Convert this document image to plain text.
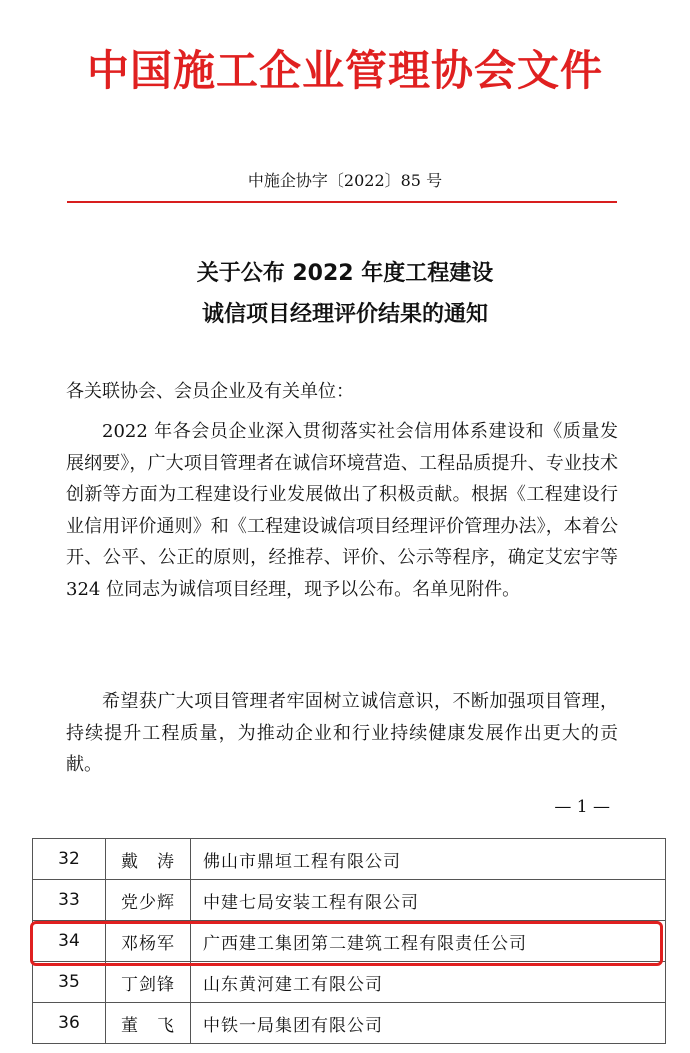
中国施工企业管理协会文件
中施企协字〔2022〕85 号
关于公布 2022 年度工程建设
诚信项目经理评价结果的通知
各关联协会、会员企业及有关单位：
2022 年各会员企业深入贯彻落实社会信用体系建设和《质量发展纲要》，广大项目管理者在诚信环境营造、工程品质提升、专业技术创新等方面为工程建设行业发展做出了积极贡献。根据《工程建设行业信用评价通则》和《工程建设诚信项目经理评价管理办法》，本着公开、公平、公正的原则，经推荐、评价、公示等程序，确定艾宏宇等 324 位同志为诚信项目经理，现予以公布。名单见附件。
希望获广大项目管理者牢固树立诚信意识，不断加强项目管理，持续提升工程质量，为推动企业和行业持续健康发展作出更大的贡献。
— 1 —
32	戴　涛	佛山市鼎垣工程有限公司
33	党少辉	中建七局安装工程有限公司
34	邓杨军	广西建工集团第二建筑工程有限责任公司
35	丁剑锋	山东黄河建工有限公司
36	董　飞	中铁一局集团有限公司
